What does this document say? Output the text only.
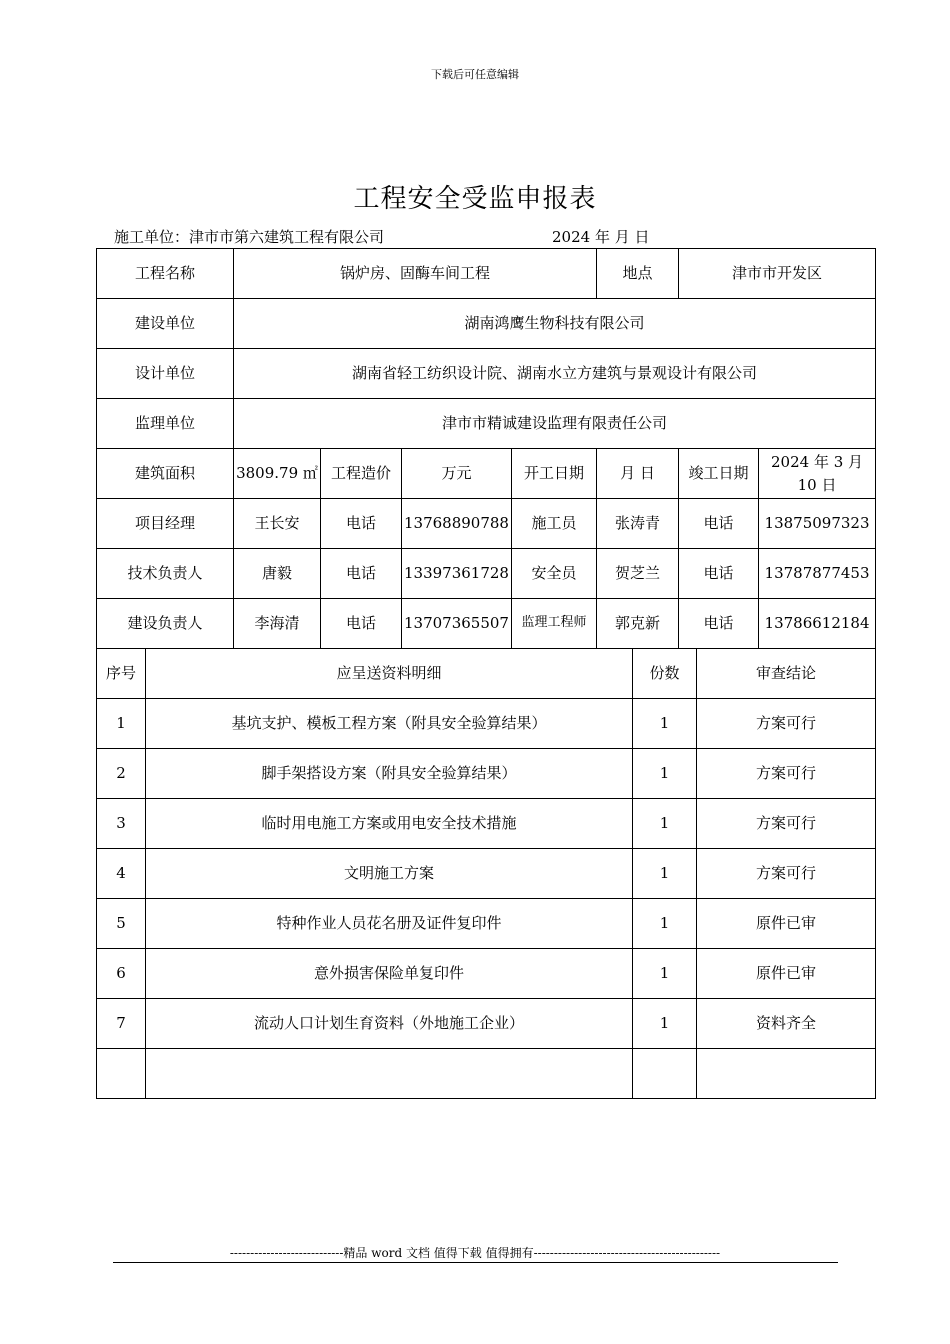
下载后可任意编辑
工程安全受监申报表
施工单位：津市市第六建筑工程有限公司	2024 年 月 日
工程名称	锅炉房、固酶车间工程				地点	津市市开发区	
建设单位	湖南鸿鹰生物科技有限公司						
设计单位	湖南省轻工纺织设计院、湖南水立方建筑与景观设计有限公司						
监理单位	津市市精诚建设监理有限责任公司						
建筑面积	3809.79 ㎡	工程造价	万元	开工日期	月 日	竣工日期	2024 年 3 月 10 日
项目经理	王长安	电话	13768890788	施工员	张涛青	电话	13875097323
技术负责人	唐毅	电话	13397361728	安全员	贺芝兰	电话	13787877453
建设负责人	李海清	电话	13707365507	监理工程师	郭克新	电话	13786612184
序号	应呈送资料明细	份数	审查结论
1	基坑支护、模板工程方案（附具安全验算结果）	1	方案可行
2	脚手架搭设方案（附具安全验算结果）	1	方案可行
3	临时用电施工方案或用电安全技术措施	1	方案可行
4	文明施工方案	1	方案可行
5	特种作业人员花名册及证件复印件	1	原件已审
6	意外损害保险单复印件	1	原件已审
7	流动人口计划生育资料（外地施工企业）	1	资料齐全

----------------------------精品 word 文档 值得下载 值得拥有----------------------------------------------
